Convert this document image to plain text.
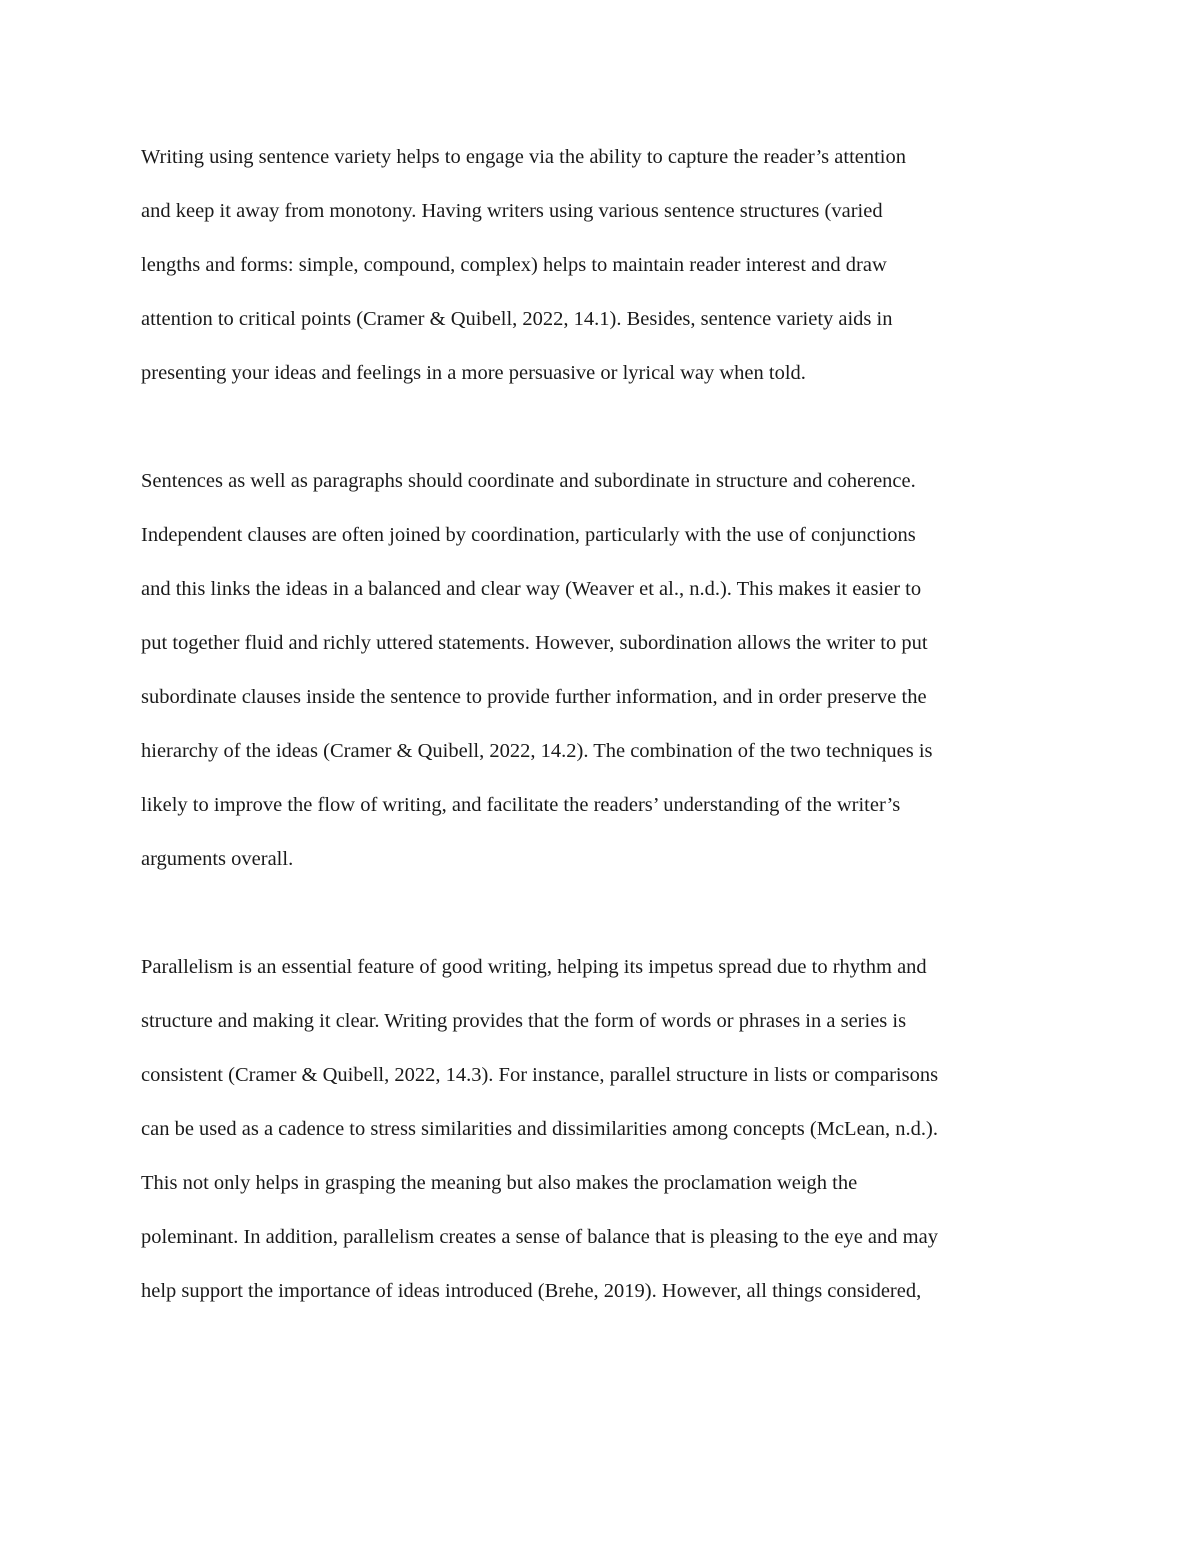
Writing using sentence variety helps to engage via the ability to capture the reader’s attention
and keep it away from monotony. Having writers using various sentence structures (varied
lengths and forms: simple, compound, complex) helps to maintain reader interest and draw
attention to critical points (Cramer & Quibell, 2022, 14.1). Besides, sentence variety aids in
presenting your ideas and feelings in a more persuasive or lyrical way when told.
Sentences as well as paragraphs should coordinate and subordinate in structure and coherence.
Independent clauses are often joined by coordination, particularly with the use of conjunctions
and this links the ideas in a balanced and clear way (Weaver et al., n.d.). This makes it easier to
put together fluid and richly uttered statements. However, subordination allows the writer to put
subordinate clauses inside the sentence to provide further information, and in order preserve the
hierarchy of the ideas (Cramer & Quibell, 2022, 14.2). The combination of the two techniques is
likely to improve the flow of writing, and facilitate the readers’ understanding of the writer’s
arguments overall.
Parallelism is an essential feature of good writing, helping its impetus spread due to rhythm and
structure and making it clear. Writing provides that the form of words or phrases in a series is
consistent (Cramer & Quibell, 2022, 14.3). For instance, parallel structure in lists or comparisons
can be used as a cadence to stress similarities and dissimilarities among concepts (McLean, n.d.).
This not only helps in grasping the meaning but also makes the proclamation weigh the
poleminant. In addition, parallelism creates a sense of balance that is pleasing to the eye and may
help support the importance of ideas introduced (Brehe, 2019). However, all things considered,
